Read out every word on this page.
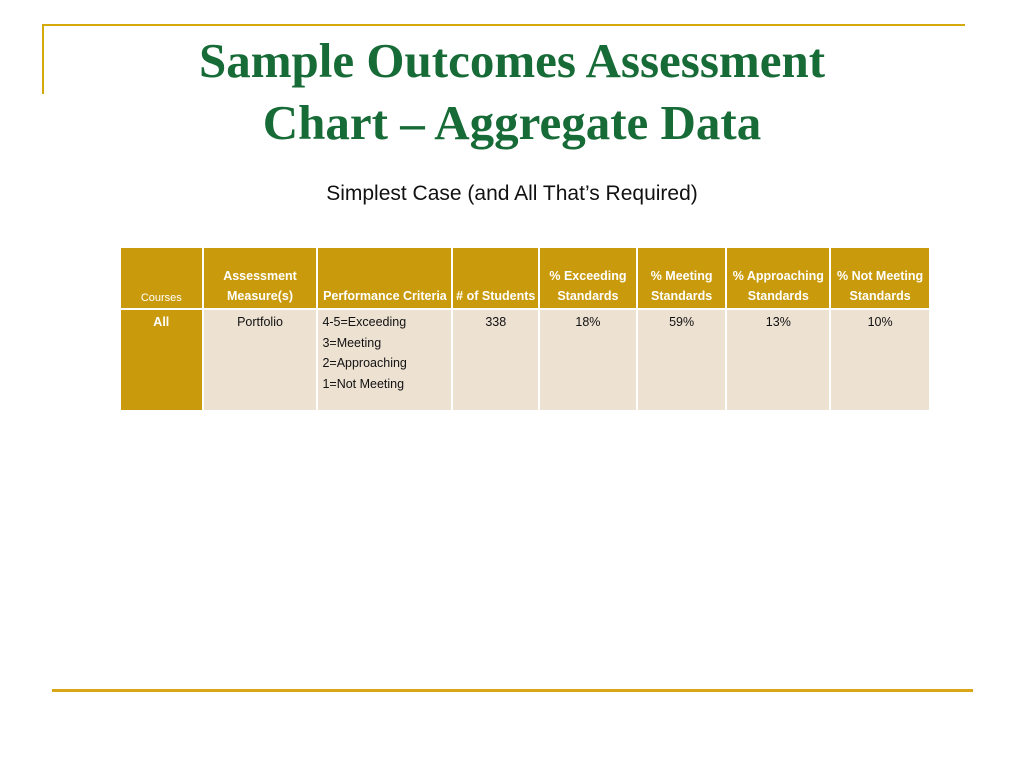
Sample Outcomes Assessment
Chart – Aggregate Data
Simplest Case (and All That’s Required)
Courses	Assessment Measure(s)	Performance Criteria	# of Students	% Exceeding Standards	% Meeting Standards	% Approaching Standards	% Not Meeting Standards
All	Portfolio	4-5=Exceeding
3=Meeting
2=Approaching
1=Not Meeting	338	18%	59%	13%	10%
